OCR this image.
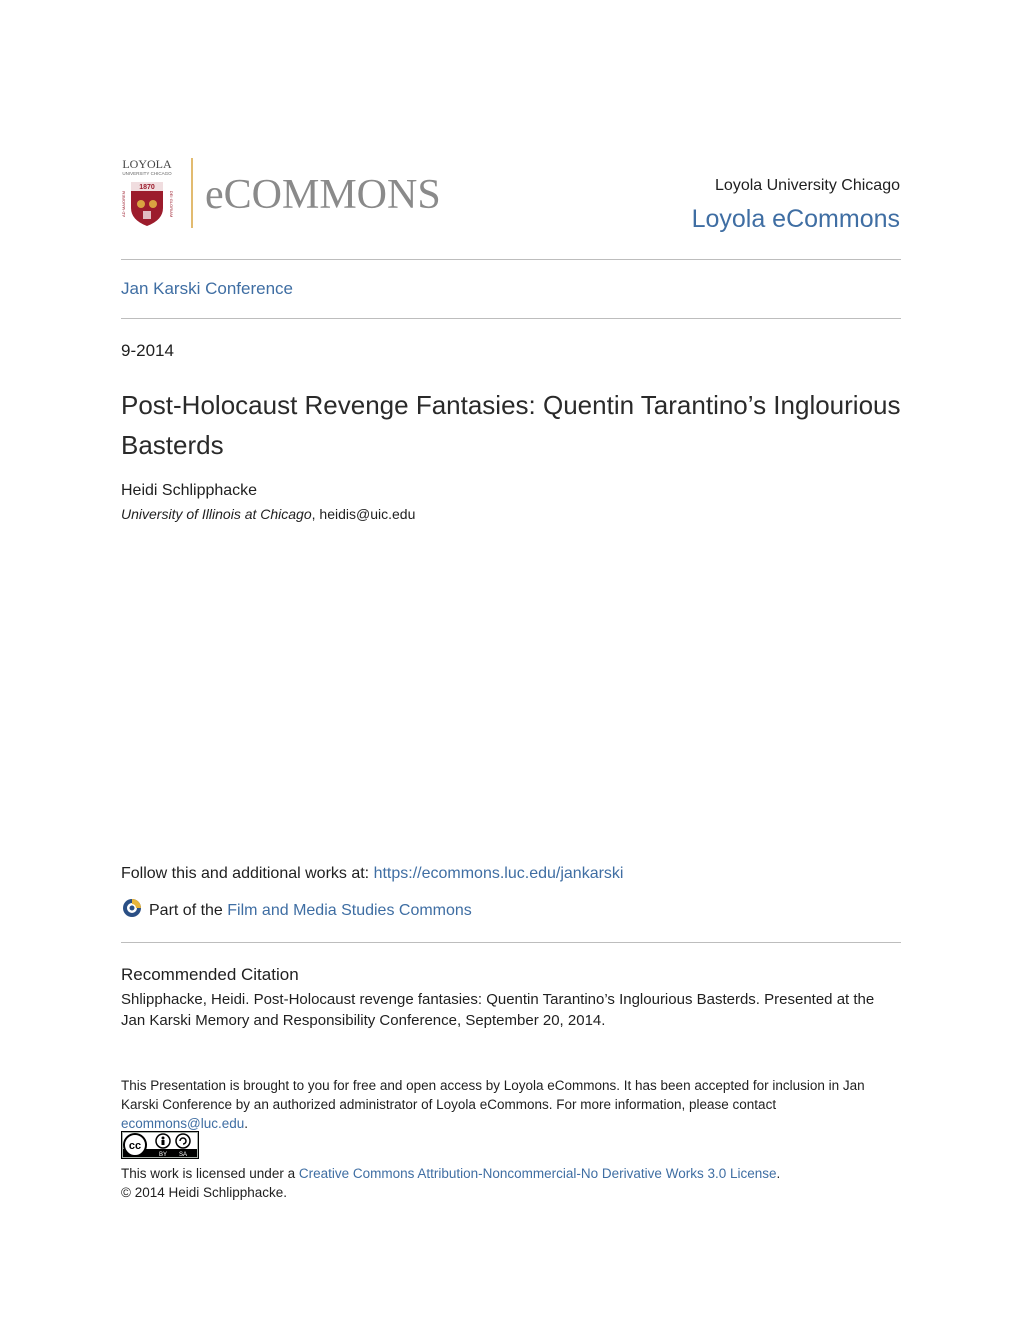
LOYOLA
UNIVERSITY CHICAGO
1870
AD·MAIOREM	DEI·GLORIAM eCOMMONS	Loyola University Chicago
Loyola eCommons
Jan Karski Conference
9-2014
Post-Holocaust Revenge Fantasies: Quentin Tarantino’s Inglourious Basterds
Heidi Schlipphacke
University of Illinois at Chicago, heidis@uic.edu
Follow this and additional works at: https://ecommons.luc.edu/jankarski
Part of the Film and Media Studies Commons
Recommended Citation
Shlipphacke, Heidi. Post-Holocaust revenge fantasies: Quentin Tarantino’s Inglourious Basterds. Presented at the Jan Karski Memory and Responsibility Conference, September 20, 2014.
This Presentation is brought to you for free and open access by Loyola eCommons. It has been accepted for inclusion in Jan Karski Conference by an authorized administrator of Loyola eCommons. For more information, please contact ecommons@luc.edu.
cc
BY SA
This work is licensed under a Creative Commons Attribution-Noncommercial-No Derivative Works 3.0 License.
© 2014 Heidi Schlipphacke.
